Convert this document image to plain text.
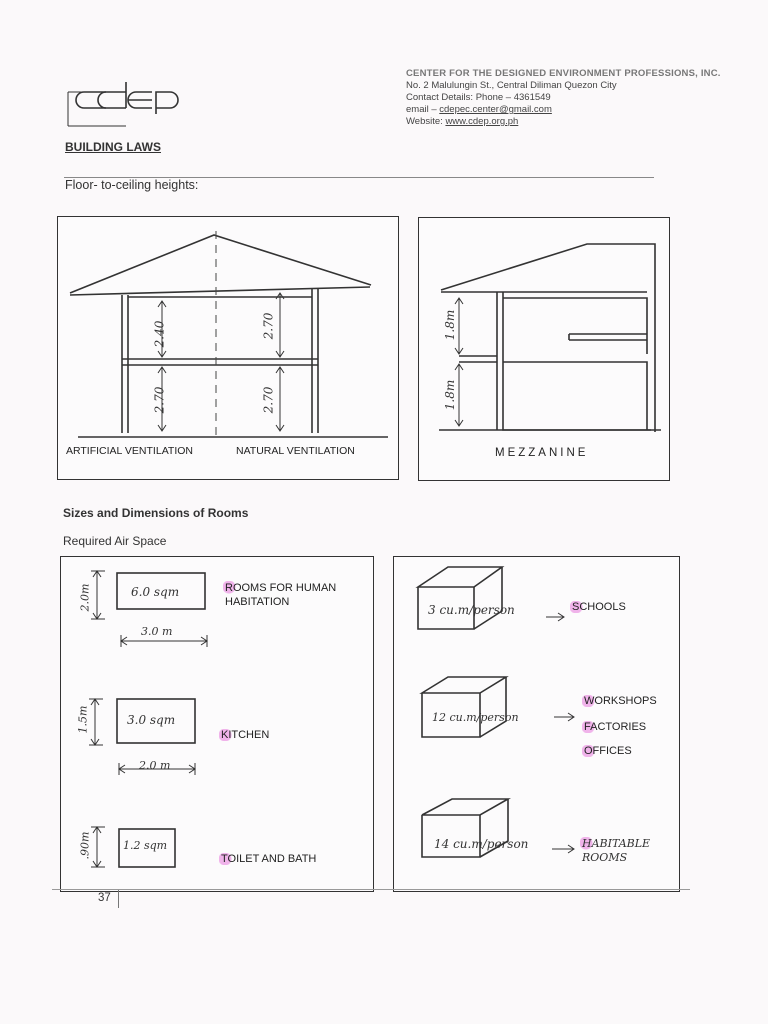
CENTER FOR THE DESIGNED ENVIRONMENT PROFESSIONS, INC.
No. 2 Malulungin St., Central Diliman Quezon City
Contact Details: Phone – 4361549
email – cdepec.center@gmail.com
Website: www.cdep.org.ph
BUILDING LAWS
Floor- to-ceiling heights:
2.40
2.70
2.70
2.70
ARTIFICIAL VENTILATION	NATURAL VENTILATION
1.8m
1.8m
MEZZANINE
Sizes and Dimensions of Rooms
Required Air Space
6.0 sqm
3.0 m
2.0m	ROOMS FOR HUMAN HABITATION
3.0 sqm
2.0 m
1.5m
KITCHEN
1.2 sqm
.90m	TOILET AND BATH
3 cu.m/person	SCHOOLS
12 cu.m/person
WORKSHOPS
FACTORIES
OFFICES
14 cu.m/person	HABITABLE ROOMS
37
